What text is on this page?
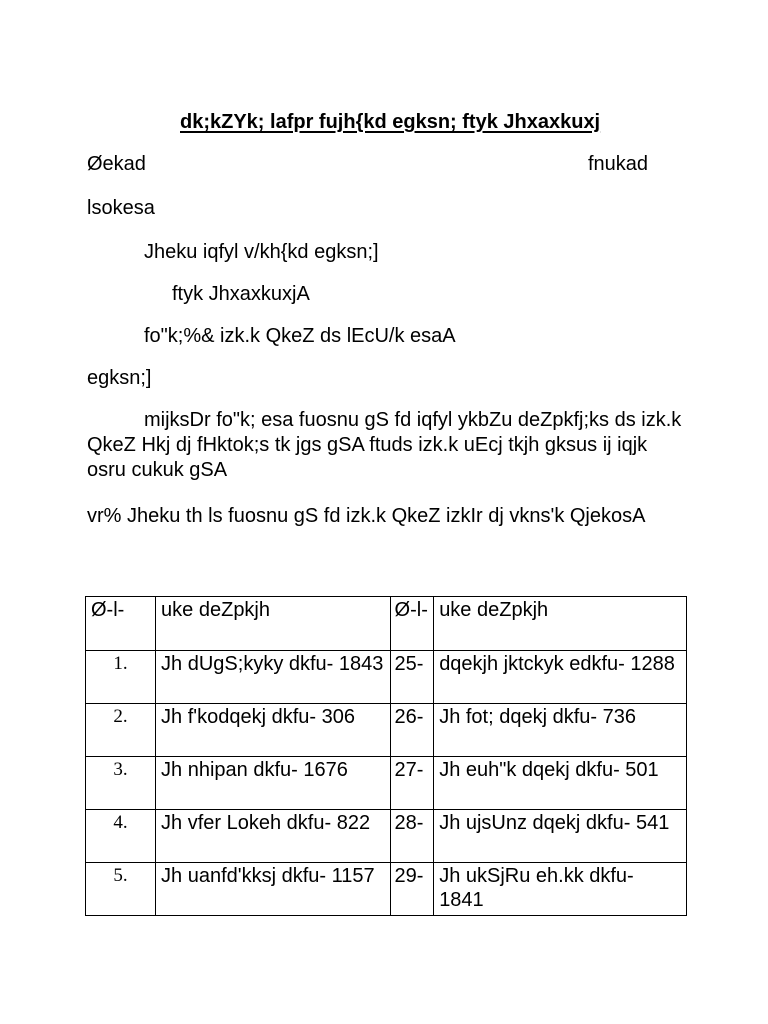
dk;kZYk; lafpr fujh{kd egksn; ftyk Jhxaxkuxj
Øekad	fnukad
lsokesa
Jheku iqfyl v/kh{kd egksn;]
ftyk JhxaxkuxjA
fo"k;%& izk.k QkeZ ds lEcU/k esaA
egksn;]
mijksDr fo"k; esa fuosnu gS fd iqfyl ykbZu deZpkfj;ks ds izk.k QkeZ Hkj dj fHktok;s tk jgs gSA ftuds izk.k uEcj tkjh gksus ij iqjk osru cukuk gSA
vr% Jheku th ls fuosnu gS fd izk.k QkeZ izkIr dj vkns'k QjekosA
Ø-l-	uke deZpkjh	Ø-l-	uke deZpkjh
1.	Jh dUgS;kyky dkfu- 1843	25-	dqekjh jktckyk edkfu- 1288
2.	Jh f'kodqekj dkfu- 306	26-	Jh fot; dqekj dkfu- 736
3.	Jh nhipan dkfu- 1676	27-	Jh euh"k dqekj dkfu- 501
4.	Jh vfer Lokeh dkfu- 822	28-	Jh ujsUnz dqekj dkfu- 541
5.	Jh uanfd'kksj dkfu- 1157	29-	Jh ukSjRu eh.kk dkfu- 1841
